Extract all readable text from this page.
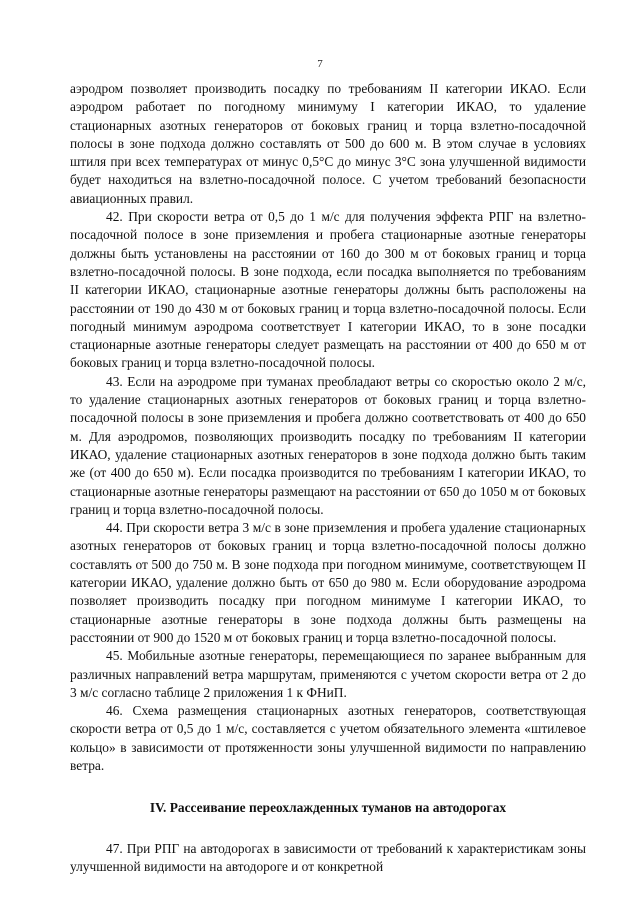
7

аэродром позволяет производить посадку по требованиям II категории ИКАО. Если аэродром работает по погодному минимуму I категории ИКАО, то удаление стационарных азотных генераторов от боковых границ и торца взлетно-посадочной полосы в зоне подхода должно составлять от 500 до 600 м. В этом случае в условиях штиля при всех температурах от минус 0,5°С до минус 3°С зона улучшенной видимости будет находиться на взлетно-посадочной полосе. С учетом требований безопасности авиационных правил.

42. При скорости ветра от 0,5 до 1 м/с для получения эффекта РПГ на взлетно-посадочной полосе в зоне приземления и пробега стационарные азотные генераторы должны быть установлены на расстоянии от 160 до 300 м от боковых границ и торца взлетно-посадочной полосы. В зоне подхода, если посадка выполняется по требованиям II категории ИКАО, стационарные азотные генераторы должны быть расположены на расстоянии от 190 до 430 м от боковых границ и торца взлетно-посадочной полосы. Если погодный минимум аэродрома соответствует I категории ИКАО, то в зоне посадки стационарные азотные генераторы следует размещать на расстоянии от 400 до 650 м от боковых границ и торца взлетно-посадочной полосы.

43. Если на аэродроме при туманах преобладают ветры со скоростью около 2 м/с, то удаление стационарных азотных генераторов от боковых границ и торца взлетно-посадочной полосы в зоне приземления и пробега должно соответствовать от 400 до 650 м. Для аэродромов, позволяющих производить посадку по требованиям II категории ИКАО, удаление стационарных азотных генераторов в зоне подхода должно быть таким же (от 400 до 650 м). Если посадка производится по требованиям I категории ИКАО, то стационарные азотные генераторы размещают на расстоянии от 650 до 1050 м от боковых границ и торца взлетно-посадочной полосы.

44. При скорости ветра 3 м/с в зоне приземления и пробега удаление стационарных азотных генераторов от боковых границ и торца взлетно-посадочной полосы должно составлять от 500 до 750 м. В зоне подхода при погодном минимуме, соответствующем II категории ИКАО, удаление должно быть от 650 до 980 м. Если оборудование аэродрома позволяет производить посадку при погодном минимуме I категории ИКАО, то стационарные азотные генераторы в зоне подхода должны быть размещены на расстоянии от 900 до 1520 м от боковых границ и торца взлетно-посадочной полосы.

45. Мобильные азотные генераторы, перемещающиеся по заранее выбранным для различных направлений ветра маршрутам, применяются с учетом скорости ветра от 2 до 3 м/с согласно таблице 2 приложения 1 к ФНиП.

46. Схема размещения стационарных азотных генераторов, соответствующая скорости ветра от 0,5 до 1 м/с, составляется с учетом обязательного элемента «штилевое кольцо» в зависимости от протяженности зоны улучшенной видимости по направлению ветра.

IV. Рассеивание переохлажденных туманов на автодорогах

47. При РПГ на автодорогах в зависимости от требований к характеристикам зоны улучшенной видимости на автодороге и от конкретной
